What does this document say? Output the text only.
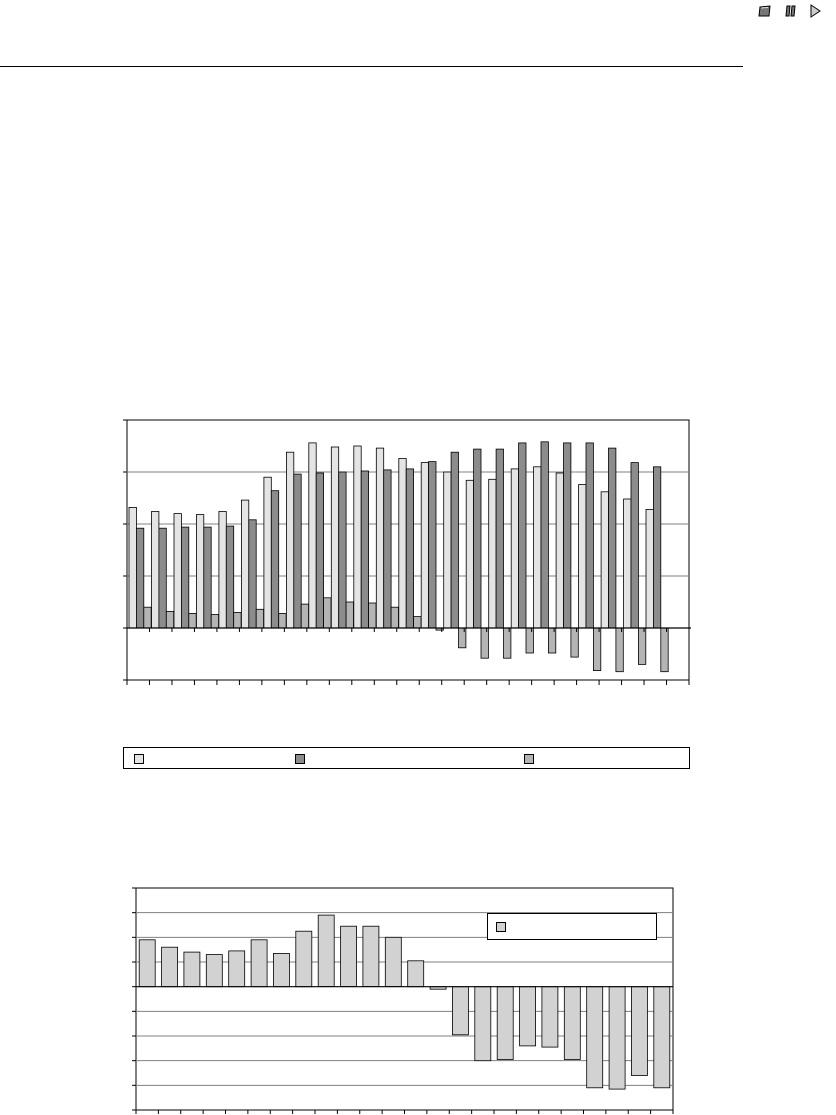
Series 1	Series 2	Series 3
Series 1
